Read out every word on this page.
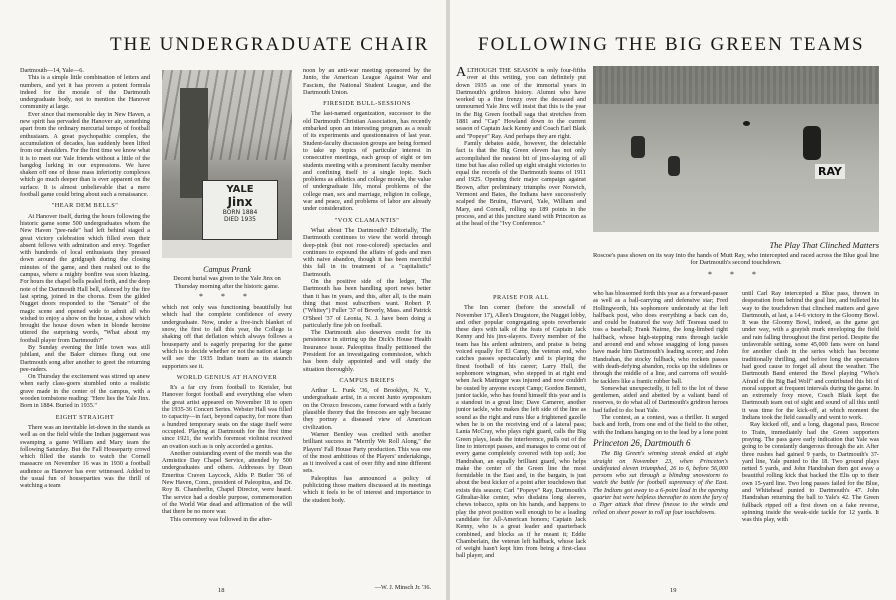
THE UNDERGRADUATE CHAIR

Dartmouth—14, Yale—6.

This is a simple little combination of letters and numbers, and yet it has proven a potent formula indeed for the morale of the Dartmouth undergraduate body, not to mention the Hanover community at large.

Ever since that memorable day in New Haven, a new spirit has pervaded the Hanover air, something apart from the ordinary mercurial tempo of football enthusiasm. A great psychopathic complex, the accumulation of decades, has suddenly been lifted from our shoulders. For the first time we know what it is to meet our Yale friends without a little of the hangdog lurking in our expressions. We have shaken off one of those mass inferiority complexes which go much deeper than is ever apparent on the surface. It is almost unbelievable that a mere football game could bring about such a renaissance.

"HEAR DEM BELLS"

At Hanover itself, during the hours following the historic game some 500 undergraduates whom the New Haven "pee-rade" had left behind staged a great victory celebration which filled even their absent fellows with admiration and envy. Together with hundreds of local enthusiasts they pressed down around the gridgraph during the closing minutes of the game, and then rushed out to the campus, where a mighty bonfire was soon blazing. For hours the chapel bells pealed forth, and the deep note of the Dartmouth Hall bell, silenced by the fire last spring, joined in the chorus. Even the gilded Nugget doors responded to the "Senate" of the magic scene and opened wide to admit all who wished to enjoy a show on the house, a show which brought the house down when in blonde heroine uttered the surprising words, "What about my football player from Dartmouth?"

By Sunday evening the little town was still jubilant, and the Baker chimes flung out one Dartmouth song after another to greet the returning pee-raders.

On Thursday the excitement was stirred up anew when early class-goers stumbled onto a realistic grave made in the center of the campus, with a wooden tombstone reading: "Here lies the Yale Jinx. Born in 1884. Buried in 1935."

EIGHT STRAIGHT

There was an inevitable let-down in the stands as well as on the field while the Indian juggernaut was swamping a game William and Mary team the following Saturday. But the Fall Houseparty crowd which filled the stands to watch the Cornell massacre on November 16 was in 1930 a football audience as Hanover has ever witnessed. Added to the usual fun of houseparties was the thrill of watching a team

YALE
Jinx
BORN 1884
DIED 1935
Campus Prank
Decent burial was given to the Yale Jinx on Thursday morning after the historic game.
* * *

which not only was functioning beautifully but which had the complete confidence of every undergraduate. Now, under a five-inch blanket of snow, the first to fall this year, the College is shaking off that deflation which always follows a houseparty and is eagerly preparing for the game which is to decide whether or not the nation at large will see the 1935 Indian team as its staunch supporters see it.

WORLD GENIUS AT HANOVER

It's a far cry from football to Kreisler, but Hanover forgot football and everything else when the great artist appeared on November 18 to open the 1935-36 Concert Series. Webster Hall was filled to capacity—in fact, beyond capacity, for more than a hundred temporary seats on the stage itself were occupied. Playing at Dartmouth for the first time since 1921, the world's foremost violinist received an ovation such as is only accorded a genius.

Another outstanding event of the month was the Armistice Day Chapel Service, attended by 500 undergraduates and others. Addresses by Dean Emeritus Craven Laycock, Aldis P. Butler '36 of New Haven, Conn., president of Paleopitus, and Dr. Roy B. Chamberlin, Chapel Director, were heard. The service had a double purpose, commemoration of the World War dead and affirmation of the will that there be no more war.

This ceremony was followed in the after-

noon by an anti-war meeting sponsored by the Junto, the American League Against War and Fascism, the National Student League, and the Dartmouth Union.

FIRESIDE BULL-SESSIONS

The last-named organization, successor to the old Dartmouth Christian Association, has recently embarked upon an interesting program as a result of its experiments and questionnaires of last year. Student-faculty discussion groups are being formed to take up topics of particular interest in consecutive meetings, each group of eight or ten students meeting with a prominent faculty member and confining itself to a single topic. Such problems as athletics and college morale, the value of undergraduate life, moral problems of the college man, sex and marriage, religion in college, war and peace, and problems of labor are already under consideration.

"VOX CLAMANTIS"

What about The Dartmouth? Editorially, The Dartmouth continues to view the world through deep-pink (but not rose-colored) spectacles and continues to expound the affairs of gods and men with naive abandon, though it has been merciful this fall in its treatment of a "capitalistic" Dartmouth.

On the positive side of the ledger, The Dartmouth has been handling sport news better than it has in years, and this, after all, is the main thing that most subscribers want. Robert P. ("Whitey") Fuller '37 of Beverly, Mass. and Patrick O'Sheel '37 of Leonia, N. J. have been doing a particularly fine job on football.

The Dartmouth also deserves credit for its persistence in stirring up the Dick's House Health Insurance issue. Paleopitus finally petitioned the President for an investigating commission, which has been duly appointed and will study the situation thoroughly.

CAMPUS BRIEFS

Arthur L. Funk '36, of Brooklyn, N. Y., undergraduate artist, in a recent Junto symposium on the Orozco frescoes, came forward with a fairly plausible theory that the frescoes are ugly because they portray a diseased view of American civilization.

Warner Bentley was credited with another brilliant success in "Merrily We Roll Along," the Players' Fall House Party production. This was one of the most ambitious of the Players' undertakings, as it involved a cast of over fifty and nine different sets.

Paleopitus has announced a policy of publicizing those matters discussed at its meetings which it feels to be of interest and importance to the student body.

—W. J. Minsch Jr. '36.
18
FOLLOWING THE BIG GREEN TEAMS

ALTHOUGH THE SEASON is only four-fifths over at this writing, you can definitely put down 1935 as one of the immortal years in Dartmouth's gridiron history. Alumni who have worked up a fine frenzy over the deceased and unmourned Yale Jinx will insist that this is the year in the Big Green football saga that stretches from 1881 and "Cap" Howland down to the current season of Captain Jack Kenny and Coach Earl Blaik and "Popeye" Ray. And perhaps they are right.

Family debates aside, however, the delectable fact is that the Big Green eleven has not only accomplished the neatest bit of jinx-slaying of all time but has also rolled up eight straight victories to equal the records of the Dartmouth teams of 1911 and 1925. Opening their major campaign against Brown, after preliminary triumphs over Norwich, Vermont and Bates, the Indians have successively scalped the Bruins, Harvard, Yale, William and Mary, and Cornell, rolling up 189 points in the process, and at this juncture stand with Princeton as at the head of the "Ivy Conference."

RAY
The Play That Clinched Matters
Roscoe's pass shown on its way into the hands of Mutt Ray, who intercepted and raced across the Blue goal line for Dartmouth's second touchdown.
* * *
PRAISE FOR ALL

The Inn corner (before the snowfall of November 17), Allen's Drugstore, the Nugget lobby, and other popular congregating spots reverberate these days with talk of the feats of Captain Jack Kenny and his jinx-slayers. Every member of the team has his ardent admirers, and praise is being voiced equally for El Camp, the veteran end, who catches passes spectacularly and is playing the finest football of his career; Larry Hull, the sophomore wingman, who stepped in at right end when Jack Mattinger was injured and now couldn't be ousted by anyone except Camp; Gordon Bennett, junior tackle, who has found himself this year and is a standout in a great line; Dave Camerer, another junior tackle, who makes the left side of the line as sound as the right and runs like a frightened gazelle when he is on the receiving end of a lateral pass; Lanta McCray, who plays right guard, calls the Big Green plays, leads the interference, pulls out of the line to intercept passes, and manages to come out of every game completely covered with top soil; Joe Handrahan, an equally brilliant guard, who helps make the center of the Green line the most formidable in the East and, in the bargain, is just about the best kicker of a point after touchdown that exists this season; Carl "Popeye" Ray, Dartmouth's Gibraltar-like center, who disdains long sleeves, chews tobacco, spits on his hands, and happens to play the pivot position well enough to be a leading candidate for All-American honors; Captain Jack Kenny, who is a great leader and quarterback combined, and blocks as if he meant it; Eddie Chamberlain, the veteran left halfback, whose lack of weight hasn't kept him from being a first-class ball player, and

who has blossomed forth this year as a forward-passer as well as a ball-carrying and defensive star; Fred Hollingworth, his sophomore understudy at the left halfback post, who does everything a back can do, and could be featured the way Jeff Tesreau used to toss a baseball; Frank Nairne, the long-limbed right halfback, whose high-stepping runs through tackle and around end and whose snagging of long passes have made him Dartmouth's leading scorer; and John Handrahan, the stocky fullback, who rockets passes with death-defying abandon, rocks up the sidelines or through the middle of a line, and carroms off would-be tacklers like a frantic rubber ball.

Somewhat unexpectedly, it fell to the lot of these gentlemen, aided and abetted by a valiant band of reserves, to do what all of Dartmouth's gridiron heroes had failed to do: beat Yale.

The contest, as a contest, was a thriller. It surged back and forth, from one end of the field to the other, with the Indians hanging on to the lead by a lone point

Princeton 26, Dartmouth 6

The Big Green's winning streak ended at eight straight on November 23, when Princeton's undefeated eleven triumphed, 26 to 6, before 56,000 persons who sat through a blinding snowstorm to watch the battle for football supremacy of the East. The Indians got away to a 6-point lead in the opening quarter but were helpless thereafter to stem the fury of a Tiger attack that threw finesse to the winds and relied on sheer power to roll up four touchdowns.

until Carl Ray intercepted a Blue pass, thrown in desperation from behind the goal line, and bulleted his way to the touchdown that clinched matters and gave Dartmouth, at last, a 14-6 victory in the Gloomy Bowl. It was the Gloomy Bowl, indeed, as the game got under way, with a grayish murk enveloping the field and rain falling throughout the first period. Despite the unfavorable setting, some 45,000 fans were on hand for another clash in the series which has become traditionally thrilling, and before long the spectators had good cause to forget all about the weather. The Dartmouth Band entered the Bowl playing "Who's Afraid of the Big Bad Wolf" and contributed this bit of moral support at frequent intervals during the game. In an extremely foxy move, Coach Blaik kept the Dartmouth team out of sight and sound of all this until it was time for the kick-off, at which moment the Indians took the field casually and went to work.

Ray kicked off, and a long, diagonal pass, Roscoe to Train, immediately had the Green supporters praying. The pass gave early indication that Yale was going to be constantly dangerous through the air. After three rushes had gained 9 yards, to Dartmouth's 37-yard line, Yale punted to the 18. Two ground plays netted 5 yards, and John Handrahan then got away a beautiful rolling kick that backed the Elis up to their own 15-yard line. Two long passes failed for the Blue, and Whitehead punted to Dartmouth's 47. John Handrahan returning the ball to Yale's 42. The Green fullback ripped off a first down on a fake reverse, spinning inside the weak-side tackle for 12 yards. It was this play, with

19
